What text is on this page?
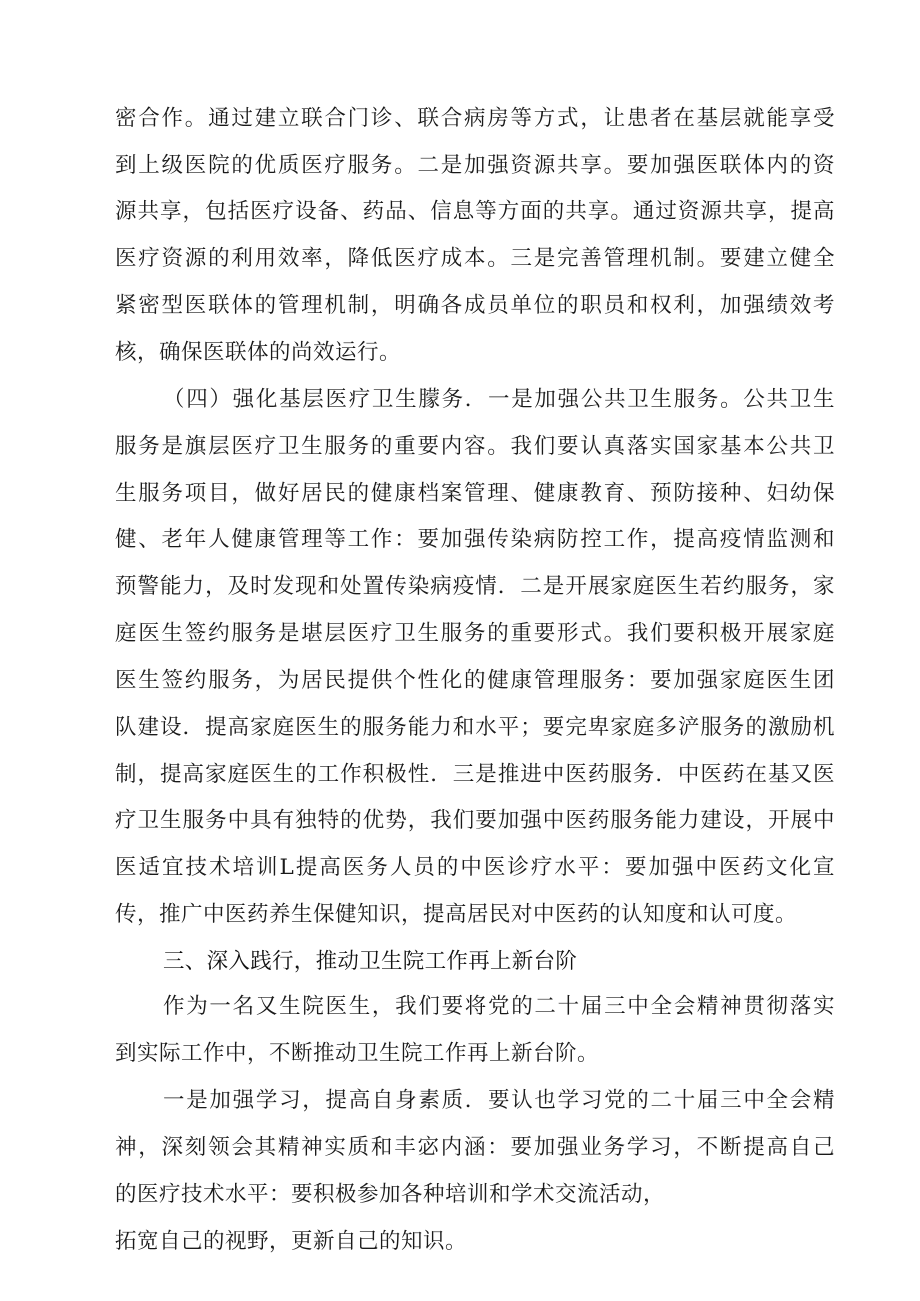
密合作。通过建立联合门诊、联合病房等方式，让患者在基层就能享受
到上级医院的优质医疗服务。二是加强资源共享。要加强医联体内的资
源共享，包括医疗设备、药品、信息等方面的共享。通过资源共享，提高
医疗资源的利用效率，降低医疗成本。三是完善管理机制。要建立健全
紧密型医联体的管理机制，明确各成员单位的职员和权利，加强绩效考
核，确保医联体的尚效运行。
（四）强化基层医疗卫生朦务．一是加强公共卫生服务。公共卫生
服务是旗层医疗卫生服务的重要内容。我们要认真落实国家基本公共卫
生服务项目，做好居民的健康档案管理、健康教育、预防接种、妇幼保
健、老年人健康管理等工作：要加强传染病防控工作，提高疫情监测和
预警能力，及时发现和处置传染病疫情．二是开展家庭医生若约服务，家
庭医生签约服务是堪层医疗卫生服务的重要形式。我们要积极开展家庭
医生签约服务，为居民提供个性化的健康管理服务：要加强家庭医生团
队建设．提高家庭医生的服务能力和水平；要完卑家庭多浐服务的激励机
制，提高家庭医生的工作积极性．三是推进中医药服务．中医药在基又医
疗卫生服务中具有独特的优势，我们要加强中医药服务能力建设，开展中
医适宜技术培训L提高医务人员的中医诊疗水平：要加强中医药文化宣
传，推广中医药养生保健知识，提高居民对中医药的认知度和认可度。
三、深入践行，推动卫生院工作再上新台阶
作为一名又生院医生，我们要将党的二十届三中全会精神贯彻落实
到实际工作中，不断推动卫生院工作再上新台阶。
一是加强学习，提高自身素质．要认也学习党的二十届三中全会精
神，深刻领会其精神实质和丰宓内涵：要加强业务学习，不断提高自己
的医疗技术水平：要积极参加各种培训和学术交流活动，
拓宽自己的视野，更新自己的知识。
